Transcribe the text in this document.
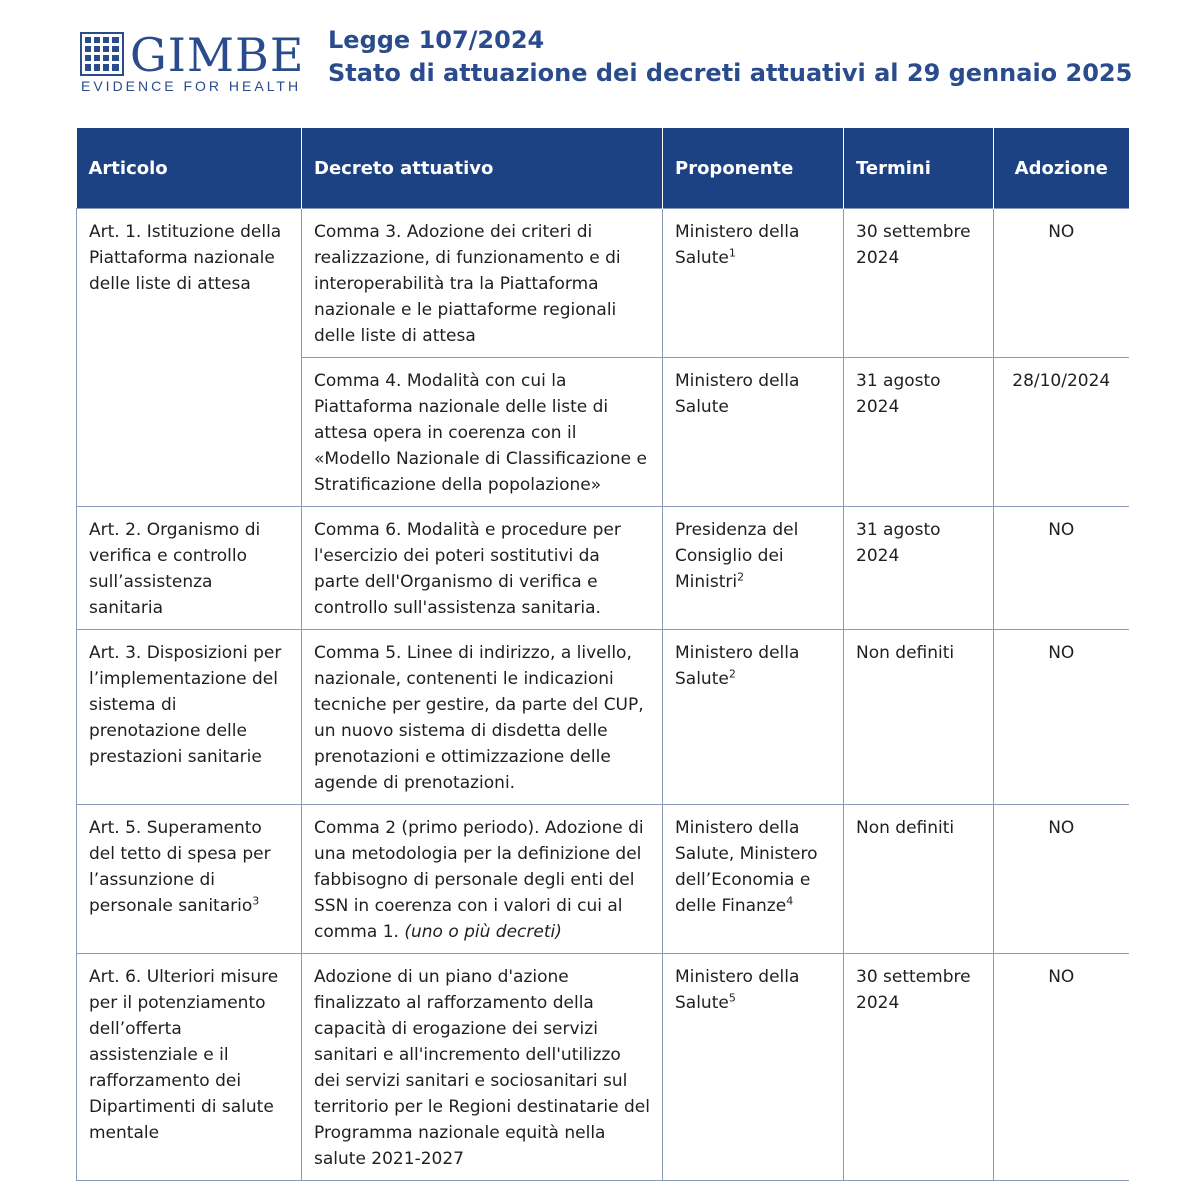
GIMBE
EVIDENCE FOR HEALTH
Legge 107/2024
Stato di attuazione dei decreti attuativi al 29 gennaio 2025
Articolo	Decreto attuativo	Proponente	Termini	Adozione
Art. 1. Istituzione della Piattaforma nazionale delle liste di attesa	Comma 3. Adozione dei criteri di realizzazione, di funzionamento e di interoperabilità tra la Piattaforma nazionale e le piattaforme regionali delle liste di attesa	Ministero della Salute$^1$	30 settembre 2024	NO
	Comma 4. Modalità con cui la Piattaforma nazionale delle liste di attesa opera in coerenza con il «Modello Nazionale di Classificazione e Stratificazione della popolazione»	Ministero della Salute	31 agosto 2024	28/10/2024
Art. 2. Organismo di verifica e controllo sull’assistenza sanitaria	Comma 6. Modalità e procedure per l'esercizio dei poteri sostitutivi da parte dell'Organismo di verifica e controllo sull'assistenza sanitaria.	Presidenza del Consiglio dei Ministri$^2$	31 agosto 2024	NO
Art. 3. Disposizioni per l’implementazione del sistema di prenotazione delle prestazioni sanitarie	Comma 5. Linee di indirizzo, a livello, nazionale, contenenti le indicazioni tecniche per gestire, da parte del CUP, un nuovo sistema di disdetta delle prenotazioni e ottimizzazione delle agende di prenotazioni.	Ministero della Salute$^2$	Non definiti	NO
Art. 5. Superamento del tetto di spesa per l’assunzione di personale sanitario$^3$	Comma 2 (primo periodo). Adozione di una metodologia per la definizione del fabbisogno di personale degli enti del SSN in coerenza con i valori di cui al comma 1. (uno o più decreti)	Ministero della Salute, Ministero dell’Economia e delle Finanze$^4$	Non definiti	NO
Art. 6. Ulteriori misure per il potenziamento dell’offerta assistenziale e il rafforzamento dei Dipartimenti di salute mentale	Adozione di un piano d'azione finalizzato al rafforzamento della capacità di erogazione dei servizi sanitari e all'incremento dell'utilizzo dei servizi sanitari e sociosanitari sul territorio per le Regioni destinatarie del Programma nazionale equità nella salute 2021-2027	Ministero della Salute$^5$	30 settembre 2024	NO
